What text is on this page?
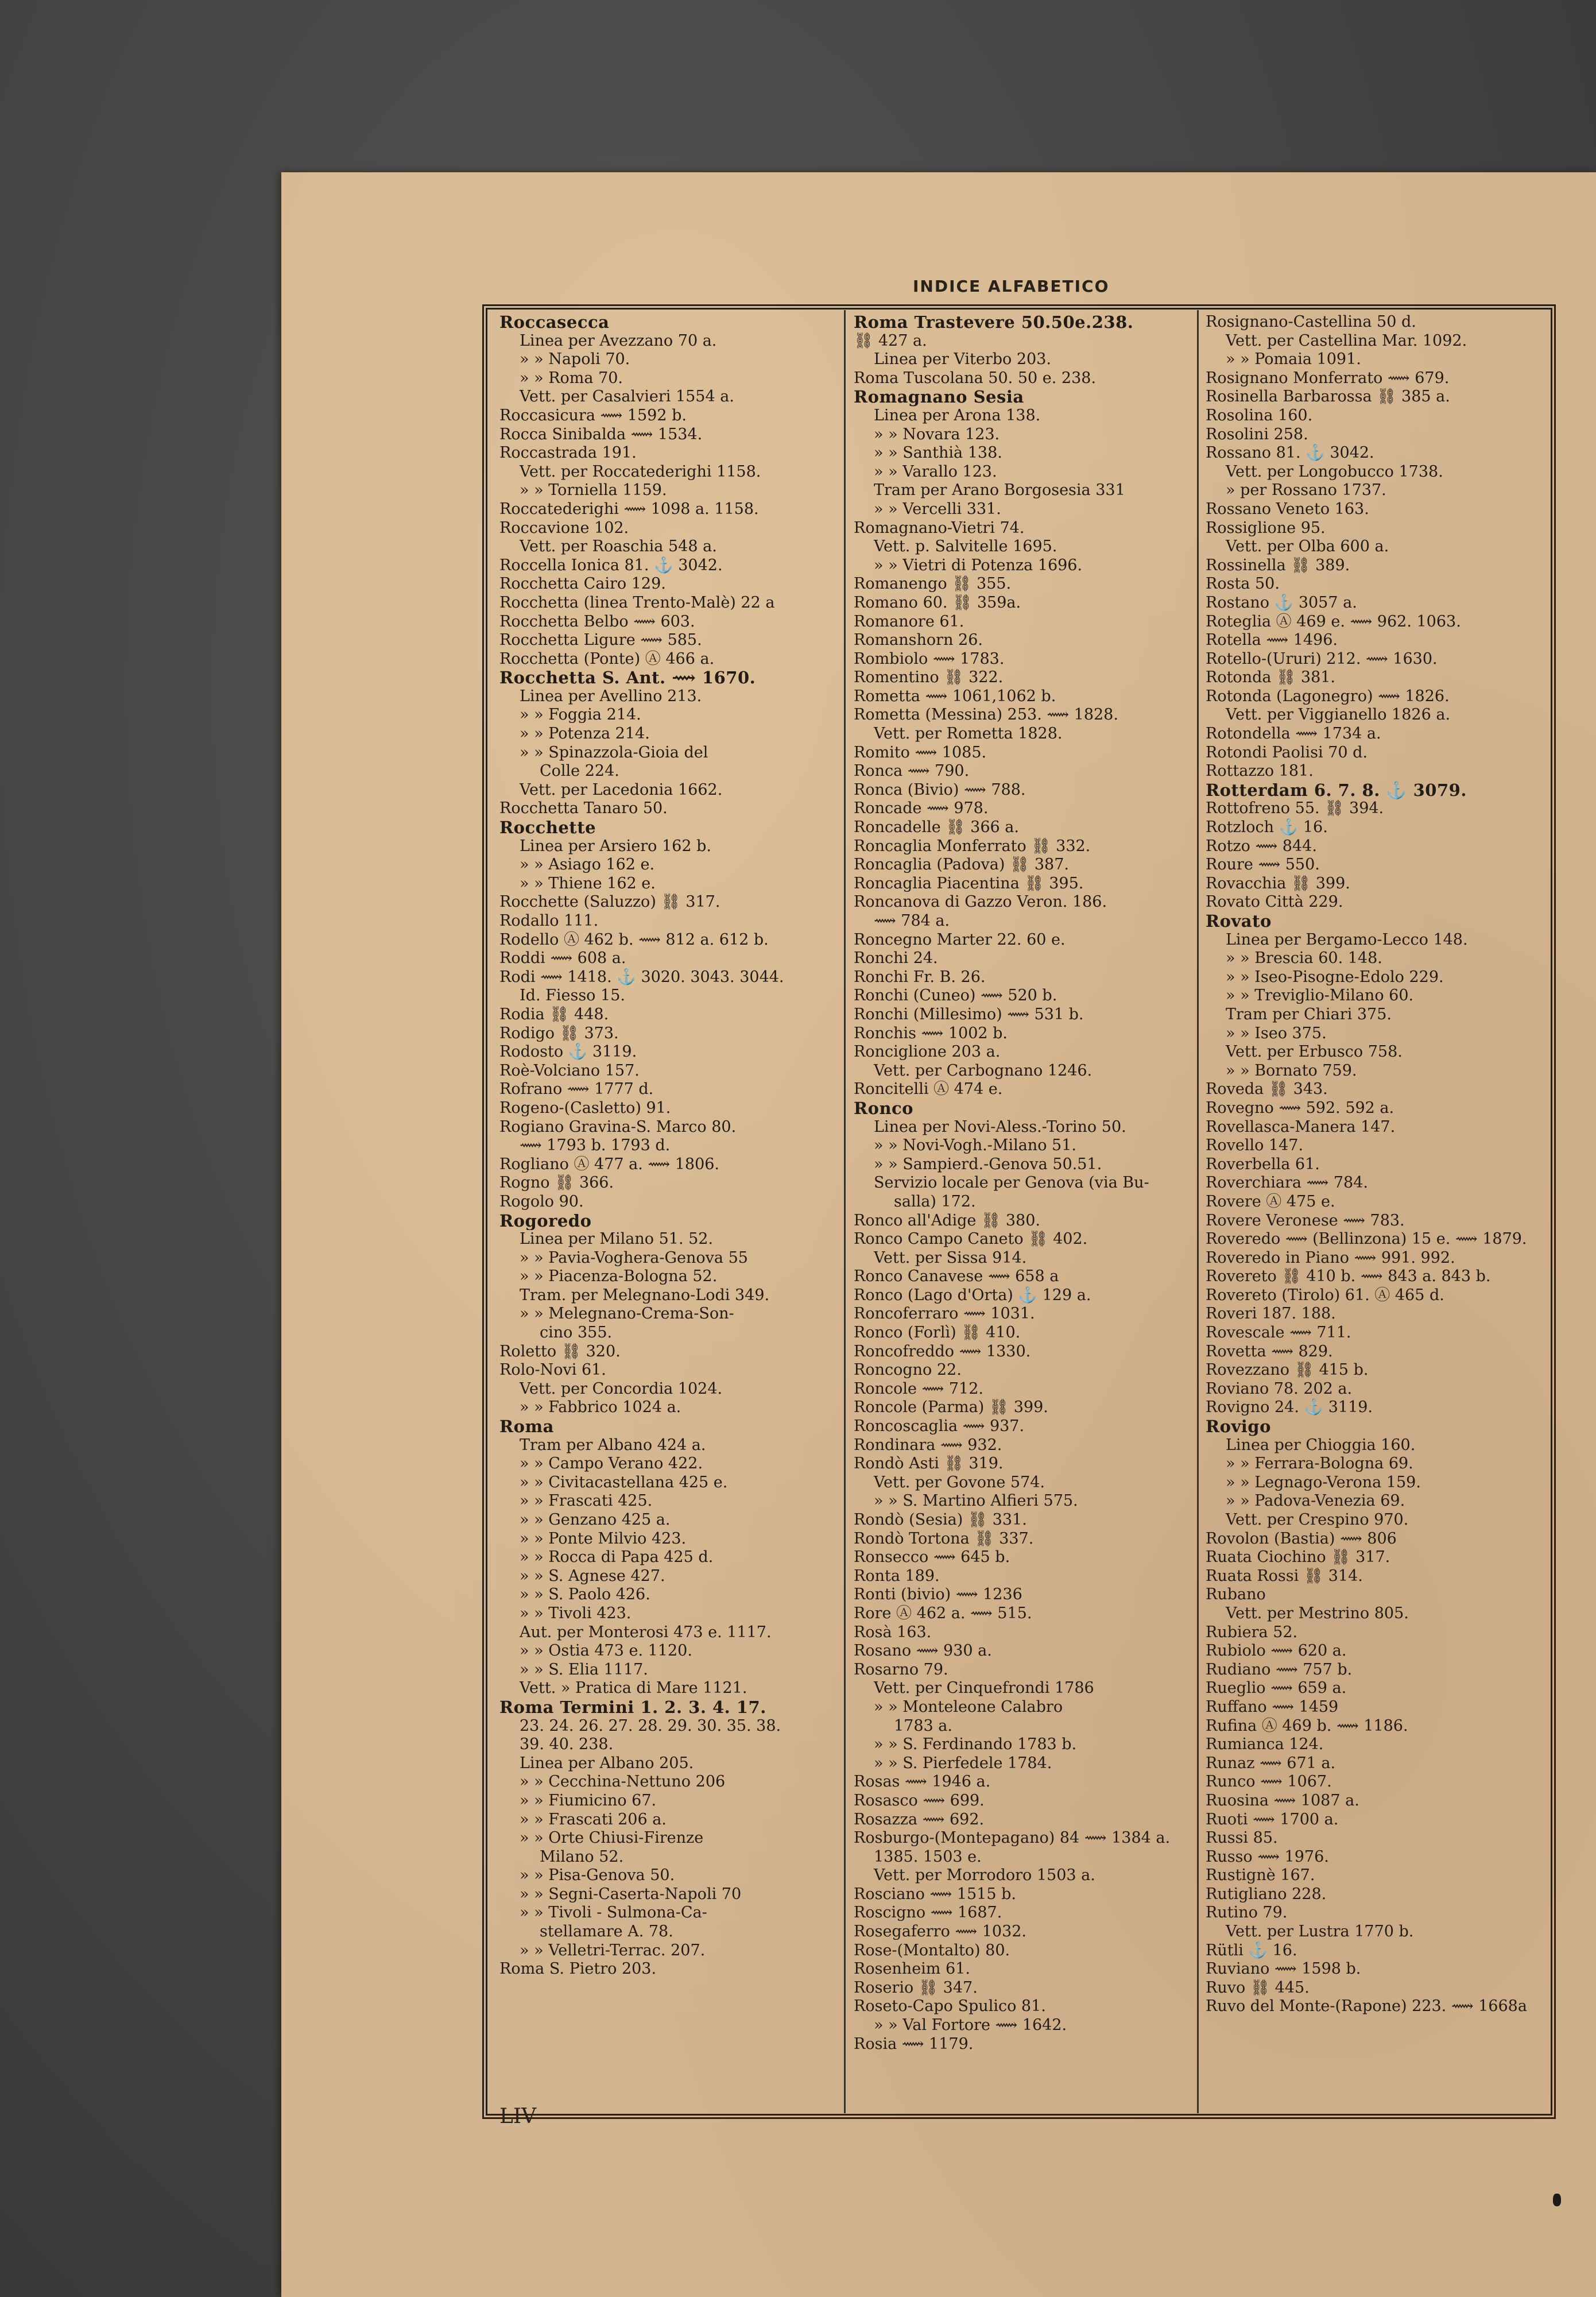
INDICE ALFABETICO
Roccasecca
Linea per Avezzano 70 a.
» » Napoli 70.
» » Roma 70.
Vett. per Casalvieri 1554 a.
Roccasicura ⟿ 1592 b.
Rocca Sinibalda ⟿ 1534.
Roccastrada 191.
Vett. per Roccatederighi 1158.
» » Torniella 1159.
Roccatederighi ⟿ 1098 a. 1158.
Roccavione 102.
Vett. per Roaschia 548 a.
Roccella Ionica 81. ⚓ 3042.
Rocchetta Cairo 129.
Rocchetta (linea Trento-Malè) 22 a
Rocchetta Belbo ⟿ 603.
Rocchetta Ligure ⟿ 585.
Rocchetta (Ponte) Ⓐ 466 a.
Rocchetta S. Ant. ⟿ 1670.
Linea per Avellino 213.
» » Foggia 214.
» » Potenza 214.
» » Spinazzola-Gioia del
Colle 224.
Vett. per Lacedonia 1662.
Rocchetta Tanaro 50.
Rocchette
Linea per Arsiero 162 b.
» » Asiago 162 e.
» » Thiene 162 e.
Rocchette (Saluzzo) ⛓ 317.
Rodallo 111.
Rodello Ⓐ 462 b. ⟿ 812 a. 612 b.
Roddi ⟿ 608 a.
Rodi ⟿ 1418. ⚓ 3020. 3043. 3044.
Id. Fiesso 15.
Rodia ⛓ 448.
Rodigo ⛓ 373.
Rodosto ⚓ 3119.
Roè-Volciano 157.
Rofrano ⟿ 1777 d.
Rogeno-(Casletto) 91.
Rogiano Gravina-S. Marco 80.
⟿ 1793 b. 1793 d.
Rogliano Ⓐ 477 a. ⟿ 1806.
Rogno ⛓ 366.
Rogolo 90.
Rogoredo
Linea per Milano 51. 52.
» » Pavia-Voghera-Genova 55
» » Piacenza-Bologna 52.
Tram. per Melegnano-Lodi 349.
» » Melegnano-Crema-Son-
cino 355.
Roletto ⛓ 320.
Rolo-Novi 61.
Vett. per Concordia 1024.
» » Fabbrico 1024 a.
Roma
Tram per Albano 424 a.
» » Campo Verano 422.
» » Civitacastellana 425 e.
» » Frascati 425.
» » Genzano 425 a.
» » Ponte Milvio 423.
» » Rocca di Papa 425 d.
» » S. Agnese 427.
» » S. Paolo 426.
» » Tivoli 423.
Aut. per Monterosi 473 e. 1117.
» » Ostia 473 e. 1120.
» » S. Elia 1117.
Vett. » Pratica di Mare 1121.
Roma Termini 1. 2. 3. 4. 17.
23. 24. 26. 27. 28. 29. 30. 35. 38.
39. 40. 238.
Linea per Albano 205.
» » Cecchina-Nettuno 206
» » Fiumicino 67.
» » Frascati 206 a.
» » Orte Chiusi-Firenze
Milano 52.
» » Pisa-Genova 50.
» » Segni-Caserta-Napoli 70
» » Tivoli - Sulmona-Ca-
stellamare A. 78.
» » Velletri-Terrac. 207.
Roma S. Pietro 203.
Roma Trastevere 50.50e.238.
⛓ 427 a.
Linea per Viterbo 203.
Roma Tuscolana 50. 50 e. 238.
Romagnano Sesia
Linea per Arona 138.
» » Novara 123.
» » Santhià 138.
» » Varallo 123.
Tram per Arano Borgosesia 331
» » Vercelli 331.
Romagnano-Vietri 74.
Vett. p. Salvitelle 1695.
» » Vietri di Potenza 1696.
Romanengo ⛓ 355.
Romano 60. ⛓ 359a.
Romanore 61.
Romanshorn 26.
Rombiolo ⟿ 1783.
Romentino ⛓ 322.
Rometta ⟿ 1061,1062 b.
Rometta (Messina) 253. ⟿ 1828.
Vett. per Rometta 1828.
Romito ⟿ 1085.
Ronca ⟿ 790.
Ronca (Bivio) ⟿ 788.
Roncade ⟿ 978.
Roncadelle ⛓ 366 a.
Roncaglia Monferrato ⛓ 332.
Roncaglia (Padova) ⛓ 387.
Roncaglia Piacentina ⛓ 395.
Roncanova di Gazzo Veron. 186.
⟿ 784 a.
Roncegno Marter 22. 60 e.
Ronchi 24.
Ronchi Fr. B. 26.
Ronchi (Cuneo) ⟿ 520 b.
Ronchi (Millesimo) ⟿ 531 b.
Ronchis ⟿ 1002 b.
Ronciglione 203 a.
Vett. per Carbognano 1246.
Roncitelli Ⓐ 474 e.
Ronco
Linea per Novi-Aless.-Torino 50.
» » Novi-Vogh.-Milano 51.
» » Sampierd.-Genova 50.51.
Servizio locale per Genova (via Bu-
salla) 172.
Ronco all'Adige ⛓ 380.
Ronco Campo Caneto ⛓ 402.
Vett. per Sissa 914.
Ronco Canavese ⟿ 658 a
Ronco (Lago d'Orta) ⚓ 129 a.
Roncoferraro ⟿ 1031.
Ronco (Forlì) ⛓ 410.
Roncofreddo ⟿ 1330.
Roncogno 22.
Roncole ⟿ 712.
Roncole (Parma) ⛓ 399.
Roncoscaglia ⟿ 937.
Rondinara ⟿ 932.
Rondò Asti ⛓ 319.
Vett. per Govone 574.
» » S. Martino Alfieri 575.
Rondò (Sesia) ⛓ 331.
Rondò Tortona ⛓ 337.
Ronsecco ⟿ 645 b.
Ronta 189.
Ronti (bivio) ⟿ 1236
Rore Ⓐ 462 a. ⟿ 515.
Rosà 163.
Rosano ⟿ 930 a.
Rosarno 79.
Vett. per Cinquefrondi 1786
» » Monteleone Calabro
1783 a.
» » S. Ferdinando 1783 b.
» » S. Pierfedele 1784.
Rosas ⟿ 1946 a.
Rosasco ⟿ 699.
Rosazza ⟿ 692.
Rosburgo-(Montepagano) 84 ⟿ 1384 a.
1385. 1503 e.
Vett. per Morrodoro 1503 a.
Rosciano ⟿ 1515 b.
Roscigno ⟿ 1687.
Rosegaferro ⟿ 1032.
Rose-(Montalto) 80.
Rosenheim 61.
Roserio ⛓ 347.
Roseto-Capo Spulico 81.
» » Val Fortore ⟿ 1642.
Rosia ⟿ 1179.
Rosignano-Castellina 50 d.
Vett. per Castellina Mar. 1092.
» » Pomaia 1091.
Rosignano Monferrato ⟿ 679.
Rosinella Barbarossa ⛓ 385 a.
Rosolina 160.
Rosolini 258.
Rossano 81. ⚓ 3042.
Vett. per Longobucco 1738.
» per Rossano 1737.
Rossano Veneto 163.
Rossiglione 95.
Vett. per Olba 600 a.
Rossinella ⛓ 389.
Rosta 50.
Rostano ⚓ 3057 a.
Roteglia Ⓐ 469 e. ⟿ 962. 1063.
Rotella ⟿ 1496.
Rotello-(Ururi) 212. ⟿ 1630.
Rotonda ⛓ 381.
Rotonda (Lagonegro) ⟿ 1826.
Vett. per Viggianello 1826 a.
Rotondella ⟿ 1734 a.
Rotondi Paolisi 70 d.
Rottazzo 181.
Rotterdam 6. 7. 8. ⚓ 3079.
Rottofreno 55. ⛓ 394.
Rotzloch ⚓ 16.
Rotzo ⟿ 844.
Roure ⟿ 550.
Rovacchia ⛓ 399.
Rovato Città 229.
Rovato
Linea per Bergamo-Lecco 148.
» » Brescia 60. 148.
» » Iseo-Pisogne-Edolo 229.
» » Treviglio-Milano 60.
Tram per Chiari 375.
» » Iseo 375.
Vett. per Erbusco 758.
» » Bornato 759.
Roveda ⛓ 343.
Rovegno ⟿ 592. 592 a.
Rovellasca-Manera 147.
Rovello 147.
Roverbella 61.
Roverchiara ⟿ 784.
Rovere Ⓐ 475 e.
Rovere Veronese ⟿ 783.
Roveredo ⟿ (Bellinzona) 15 e. ⟿ 1879.
Roveredo in Piano ⟿ 991. 992.
Rovereto ⛓ 410 b. ⟿ 843 a. 843 b.
Rovereto (Tirolo) 61. Ⓐ 465 d.
Roveri 187. 188.
Rovescale ⟿ 711.
Rovetta ⟿ 829.
Rovezzano ⛓ 415 b.
Roviano 78. 202 a.
Rovigno 24. ⚓ 3119.
Rovigo
Linea per Chioggia 160.
» » Ferrara-Bologna 69.
» » Legnago-Verona 159.
» » Padova-Venezia 69.
Vett. per Crespino 970.
Rovolon (Bastia) ⟿ 806
Ruata Ciochino ⛓ 317.
Ruata Rossi ⛓ 314.
Rubano
Vett. per Mestrino 805.
Rubiera 52.
Rubiolo ⟿ 620 a.
Rudiano ⟿ 757 b.
Rueglio ⟿ 659 a.
Ruffano ⟿ 1459
Rufina Ⓐ 469 b. ⟿ 1186.
Rumianca 124.
Runaz ⟿ 671 a.
Runco ⟿ 1067.
Ruosina ⟿ 1087 a.
Ruoti ⟿ 1700 a.
Russi 85.
Russo ⟿ 1976.
Rustignè 167.
Rutigliano 228.
Rutino 79.
Vett. per Lustra 1770 b.
Rütli ⚓ 16.
Ruviano ⟿ 1598 b.
Ruvo ⛓ 445.
Ruvo del Monte-(Rapone) 223. ⟿ 1668a
LIV
